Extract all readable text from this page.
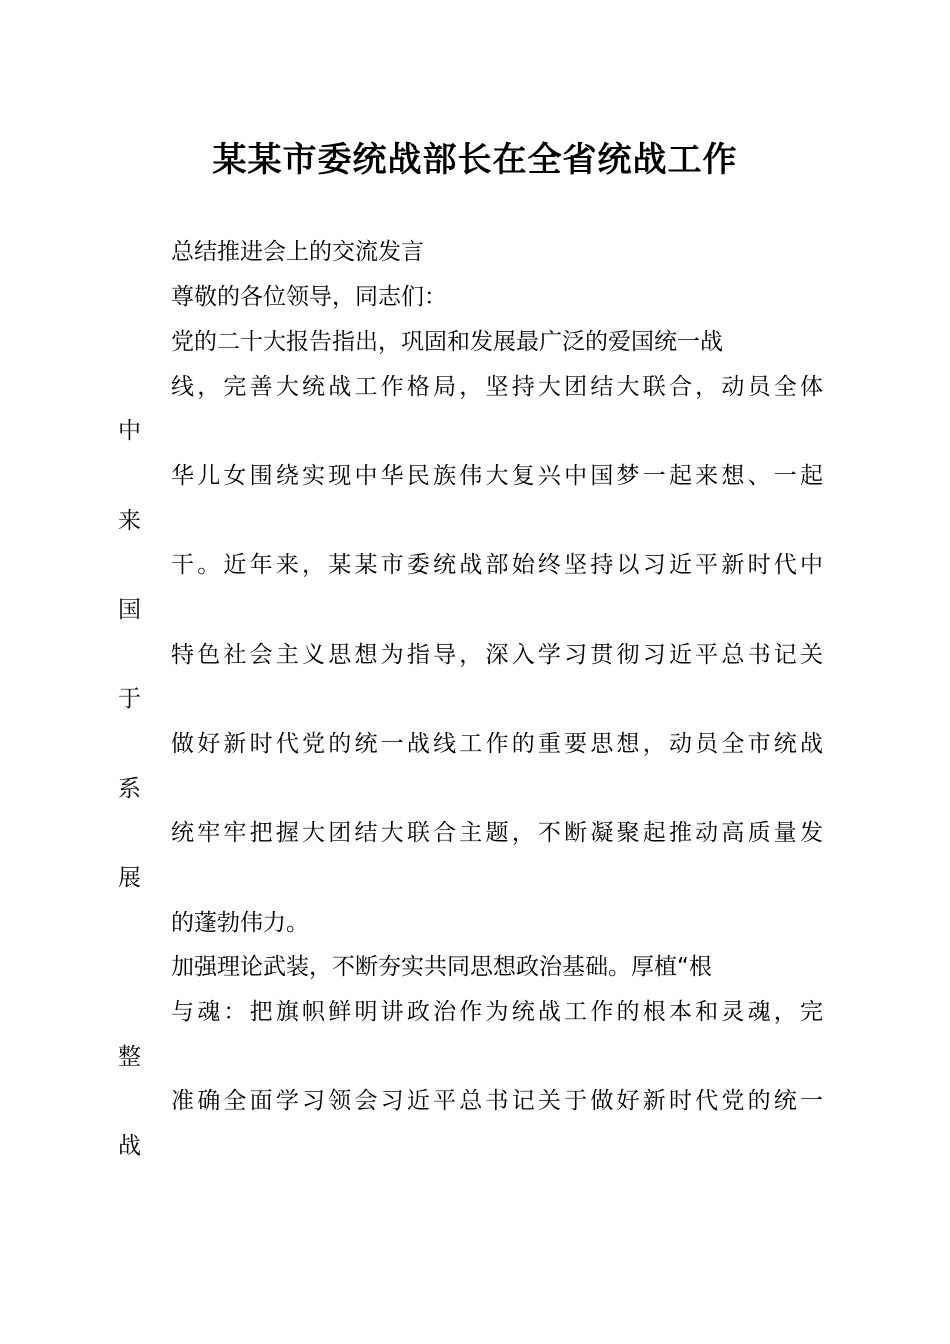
某某市委统战部长在全省统战工作
总结推进会上的交流发言
尊敬的各位领导，同志们：
党的二十大报告指出，巩固和发展最广泛的爱国统一战
线，完善大统战工作格局，坚持大团结大联合，动员全体
中
华儿女围绕实现中华民族伟大复兴中国梦一起来想、一起
来
干。近年来，某某市委统战部始终坚持以习近平新时代中
国
特色社会主义思想为指导，深入学习贯彻习近平总书记关
于
做好新时代党的统一战线工作的重要思想，动员全市统战
系
统牢牢把握大团结大联合主题，不断凝聚起推动高质量发
展
的蓬勃伟力。
加强理论武装，不断夯实共同思想政治基础。厚植“根
与魂：把旗帜鲜明讲政治作为统战工作的根本和灵魂，完
整
准确全面学习领会习近平总书记关于做好新时代党的统一
战
